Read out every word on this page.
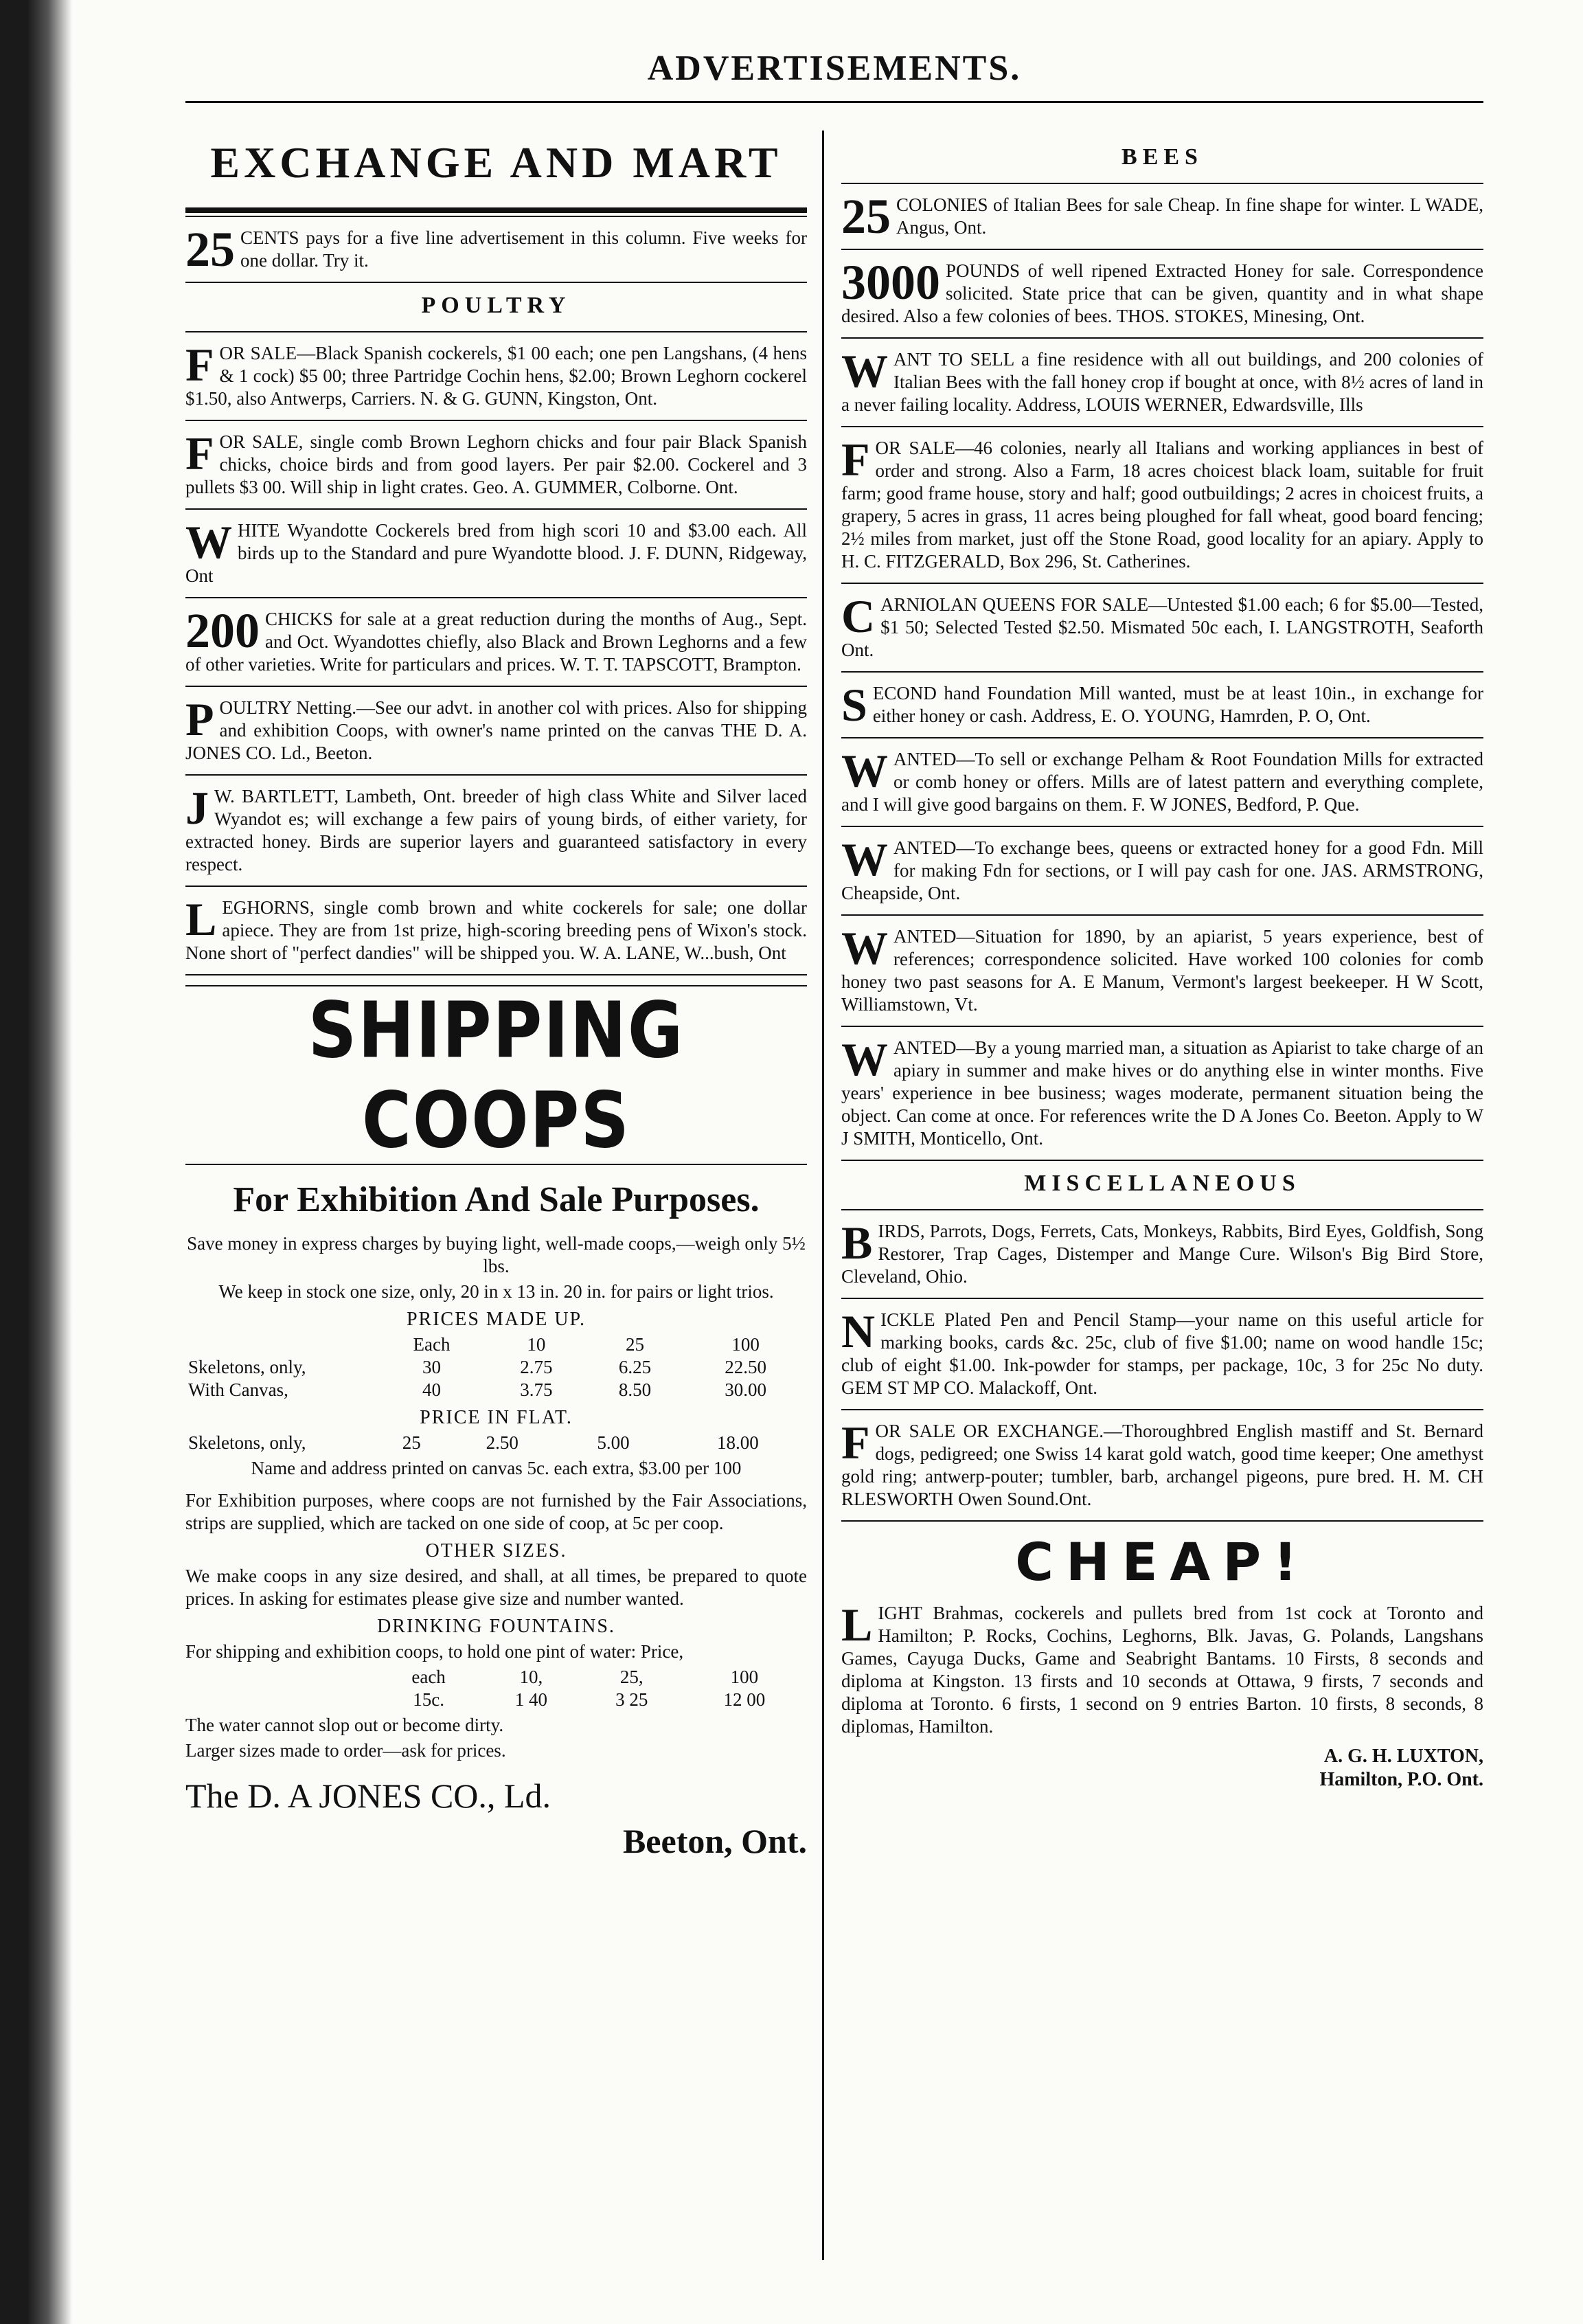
ADVERTISEMENTS.
EXCHANGE AND MART
25 CENTS pays for a five line advertisement in this column. Five weeks for one dollar. Try it.

POULTRY
F OR SALE—Black Spanish cockerels, $1 00 each; one pen Langshans, (4 hens & 1 cock) $5 00; three Partridge Cochin hens, $2.00; Brown Leghorn cockerel $1.50, also Antwerps, Carriers. N. & G. GUNN, Kingston, Ont.

F OR SALE, single comb Brown Leghorn chicks and four pair Black Spanish chicks, choice birds and from good layers. Per pair $2.00. Cockerel and 3 pullets $3 00. Will ship in light crates. Geo. A. GUMMER, Colborne. Ont.

W HITE Wyandotte Cockerels bred from high scori 10 and $3.00 each. All birds up to the Standard and pure Wyandotte blood. J. F. DUNN, Ridgeway, Ont

200 CHICKS for sale at a great reduction during the months of Aug., Sept. and Oct. Wyandottes chiefly, also Black and Brown Leghorns and a few of other varieties. Write for particulars and prices. W. T. T. TAPSCOTT, Brampton.

P OULTRY Netting.—See our advt. in another col with prices. Also for shipping and exhibition Coops, with owner's name printed on the canvas THE D. A. JONES CO. Ld., Beeton.

J W. BARTLETT, Lambeth, Ont. breeder of high class White and Silver laced Wyandot es; will exchange a few pairs of young birds, of either variety, for extracted honey. Birds are superior layers and guaranteed satisfactory in every respect.

L EGHORNS, single comb brown and white cockerels for sale; one dollar apiece. They are from 1st prize, high-scoring breeding pens of Wixon's stock. None short of "perfect dandies" will be shipped you. W. A. LANE, W...bush, Ont

SHIPPING COOPS
For Exhibition And Sale Purposes.

Save money in express charges by buying light, well-made coops,—weigh only 5½ lbs.

We keep in stock one size, only, 20 in x 13 in. 20 in. for pairs or light trios.

PRICES MADE UP.
	Each	10	25	100
Skeletons, only,	30	2.75	6.25	22.50
With Canvas,	40	3.75	8.50	30.00
PRICE IN FLAT.
Skeletons, only,	25	2.50	5.00	18.00

Name and address printed on canvas 5c. each extra, $3.00 per 100

For Exhibition purposes, where coops are not furnished by the Fair Associations, strips are supplied, which are tacked on one side of coop, at 5c per coop.

OTHER SIZES.

We make coops in any size desired, and shall, at all times, be prepared to quote prices. In asking for estimates please give size and number wanted.

DRINKING FOUNTAINS.

For shipping and exhibition coops, to hold one pint of water: Price,

	each	10,	25,	100
	15c.	1 40	3 25	12 00

The water cannot slop out or become dirty.

Larger sizes made to order—ask for prices.

The D. A JONES CO., Ld.
Beeton, Ont.
BEES
25 COLONIES of Italian Bees for sale Cheap. In fine shape for winter. L WADE, Angus, Ont.

3000 POUNDS of well ripened Extracted Honey for sale. Correspondence solicited. State price that can be given, quantity and in what shape desired. Also a few colonies of bees. THOS. STOKES, Minesing, Ont.

W ANT TO SELL a fine residence with all out buildings, and 200 colonies of Italian Bees with the fall honey crop if bought at once, with 8½ acres of land in a never failing locality. Address, LOUIS WERNER, Edwardsville, Ills

F OR SALE—46 colonies, nearly all Italians and working appliances in best of order and strong. Also a Farm, 18 acres choicest black loam, suitable for fruit farm; good frame house, story and half; good outbuildings; 2 acres in choicest fruits, a grapery, 5 acres in grass, 11 acres being ploughed for fall wheat, good board fencing; 2½ miles from market, just off the Stone Road, good locality for an apiary. Apply to H. C. FITZGERALD, Box 296, St. Catherines.

C ARNIOLAN QUEENS FOR SALE—Untested $1.00 each; 6 for $5.00—Tested, $1 50; Selected Tested $2.50. Mismated 50c each, I. LANGSTROTH, Seaforth Ont.

S ECOND hand Foundation Mill wanted, must be at least 10in., in exchange for either honey or cash. Address, E. O. YOUNG, Hamrden, P. O, Ont.

W ANTED—To sell or exchange Pelham & Root Foundation Mills for extracted or comb honey or offers. Mills are of latest pattern and everything complete, and I will give good bargains on them. F. W JONES, Bedford, P. Que.

W ANTED—To exchange bees, queens or extracted honey for a good Fdn. Mill for making Fdn for sections, or I will pay cash for one. JAS. ARMSTRONG, Cheapside, Ont.

W ANTED—Situation for 1890, by an apiarist, 5 years experience, best of references; correspondence solicited. Have worked 100 colonies for comb honey two past seasons for A. E Manum, Vermont's largest beekeeper. H W Scott, Williamstown, Vt.

W ANTED—By a young married man, a situation as Apiarist to take charge of an apiary in summer and make hives or do anything else in winter months. Five years' experience in bee business; wages moderate, permanent situation being the object. Can come at once. For references write the D A Jones Co. Beeton. Apply to W J SMITH, Monticello, Ont.

MISCELLANEOUS
B IRDS, Parrots, Dogs, Ferrets, Cats, Monkeys, Rabbits, Bird Eyes, Goldfish, Song Restorer, Trap Cages, Distemper and Mange Cure. Wilson's Big Bird Store, Cleveland, Ohio.

N ICKLE Plated Pen and Pencil Stamp—your name on this useful article for marking books, cards &c. 25c, club of five $1.00; name on wood handle 15c; club of eight $1.00. Ink-powder for stamps, per package, 10c, 3 for 25c No duty. GEM ST MP CO. Malackoff, Ont.

F OR SALE OR EXCHANGE.—Thoroughbred English mastiff and St. Bernard dogs, pedigreed; one Swiss 14 karat gold watch, good time keeper; One amethyst gold ring; antwerp-pouter; tumbler, barb, archangel pigeons, pure bred. H. M. CH RLESWORTH Owen Sound.Ont.

CHEAP!
L IGHT Brahmas, cockerels and pullets bred from 1st cock at Toronto and Hamilton; P. Rocks, Cochins, Leghorns, Blk. Javas, G. Polands, Langshans Games, Cayuga Ducks, Game and Seabright Bantams. 10 Firsts, 8 seconds and diploma at Kingston. 13 firsts and 10 seconds at Ottawa, 9 firsts, 7 seconds and diploma at Toronto. 6 firsts, 1 second on 9 entries Barton. 10 firsts, 8 seconds, 8 diplomas, Hamilton.

A. G. H. LUXTON,
Hamilton, P.O. Ont.
